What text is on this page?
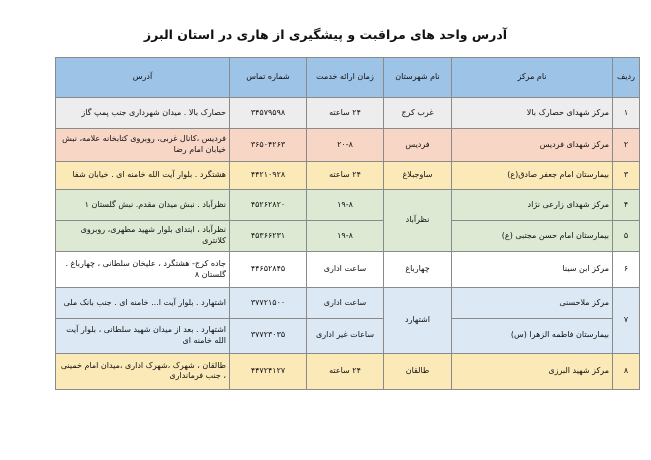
آدرس واحد های مراقبت و پیشگیری از هاری در استان البرز
ردیف	نام مرکز	نام شهرستان	زمان ارائه خدمت	شماره تماس	آدرس
۱	مرکز شهدای حصارک بالا	غرب کرج	۲۴ ساعته	۳۴۵۷۹۵۹۸	حصارک بالا . میدان شهرداری جنب پمپ گاز
۲	مرکز شهدای فردیس	فردیس	۲۰-۸	۳۶۵۰۴۲۶۳	فردیس ،کانال غربی، روبروی کتابخانه علامه، نبش خیابان امام رضا
۳	بیمارستان امام جعفر صادق(ع)	ساوجبلاغ	۲۴ ساعته	۴۴۲۱۰۹۲۸	هشتگرد . بلوار آیت الله خامنه ای . خیابان شفا
۴	مرکز شهدای زارعی نژاد	نظرآباد	۱۹-۸	۴۵۲۶۲۸۲۰	نظرآباد . نبش میدان مقدم. نبش گلستان ۱
۵	بیمارستان امام حسن مجتبی (ع)		۱۹-۸	۴۵۳۶۶۲۳۱	نظرآباد ، ابتدای بلوار شهید مطهری، روبروی کلانتری
۶	مرکز ابن سینا	چهارباغ	ساعت اداری	۴۴۶۵۲۸۴۵	جاده کرج- هشتگرد ، علیخان سلطانی ، چهارباغ . گلستان ۸
۷	مرکز ملاحسنی	اشتهارد	ساعت اداری	۳۷۷۲۱۵۰۰	اشتهارد . بلوار آیت ا... خامنه ای . جنب بانک ملی
	بیمارستان فاطمه الزهرا (س)		ساعات غیر اداری	۳۷۷۲۳۰۳۵	اشتهارد . بعد از میدان شهید سلطانی ، بلوار آیت الله خامنه ای
۸	مرکز شهید البرزی	طالقان	۲۴ ساعته	۴۴۷۲۴۱۲۷	طالقان ، شهرک ،شهرک اداری ،میدان امام خمینی ، جنب فرمانداری
